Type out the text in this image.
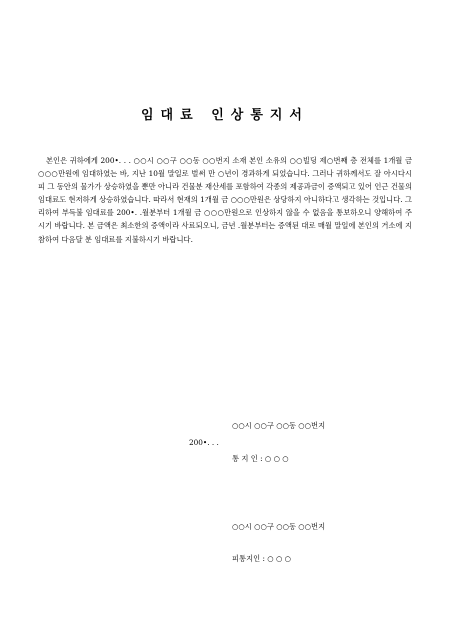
임대료 인상통지서

본인은 귀하에게 200•. . . ○○시 ○○구 ○○동 ○○번지 소재 본인 소유의 ○○빌딩 제○번째 층 전체를 1개월 금 ○○○만원에 임대하였는 바, 지난 10월 말일로 벌써 만 ○년이 경과하게 되었습니다. 그러나 귀하께서도 잘 아시다시피 그 동안의 물가가 상승하였을 뿐만 아니라 건물분 재산세를 포함하여 각종의 제공과금이 증액되고 있어 인근 건물의 임대료도 현저하게 상승하였습니다. 따라서 현재의 1개월 금 ○○○만원은 상당하지 아니하다고 생각하는 것입니다. 그리하여 부득불 임대료를 200•. .월분부터 1개월 금 ○○○만원으로 인상하지 않을 수 없음을 통보하오니 양해하여 주시기 바랍니다. 본 금액은 최소한의 증액이라 사료되오니, 금년 .월분부터는 증액된 대로 매월 말일에 본인의 거소에 지참하여 다음달 분 임대료를 지불하시기 바랍니다.

200•. . .
○○시 ○○구 ○○동 ○○번지
통 지 인 : ○ ○ ○
○○시 ○○구 ○○동 ○○번지
피통지인 : ○ ○ ○
